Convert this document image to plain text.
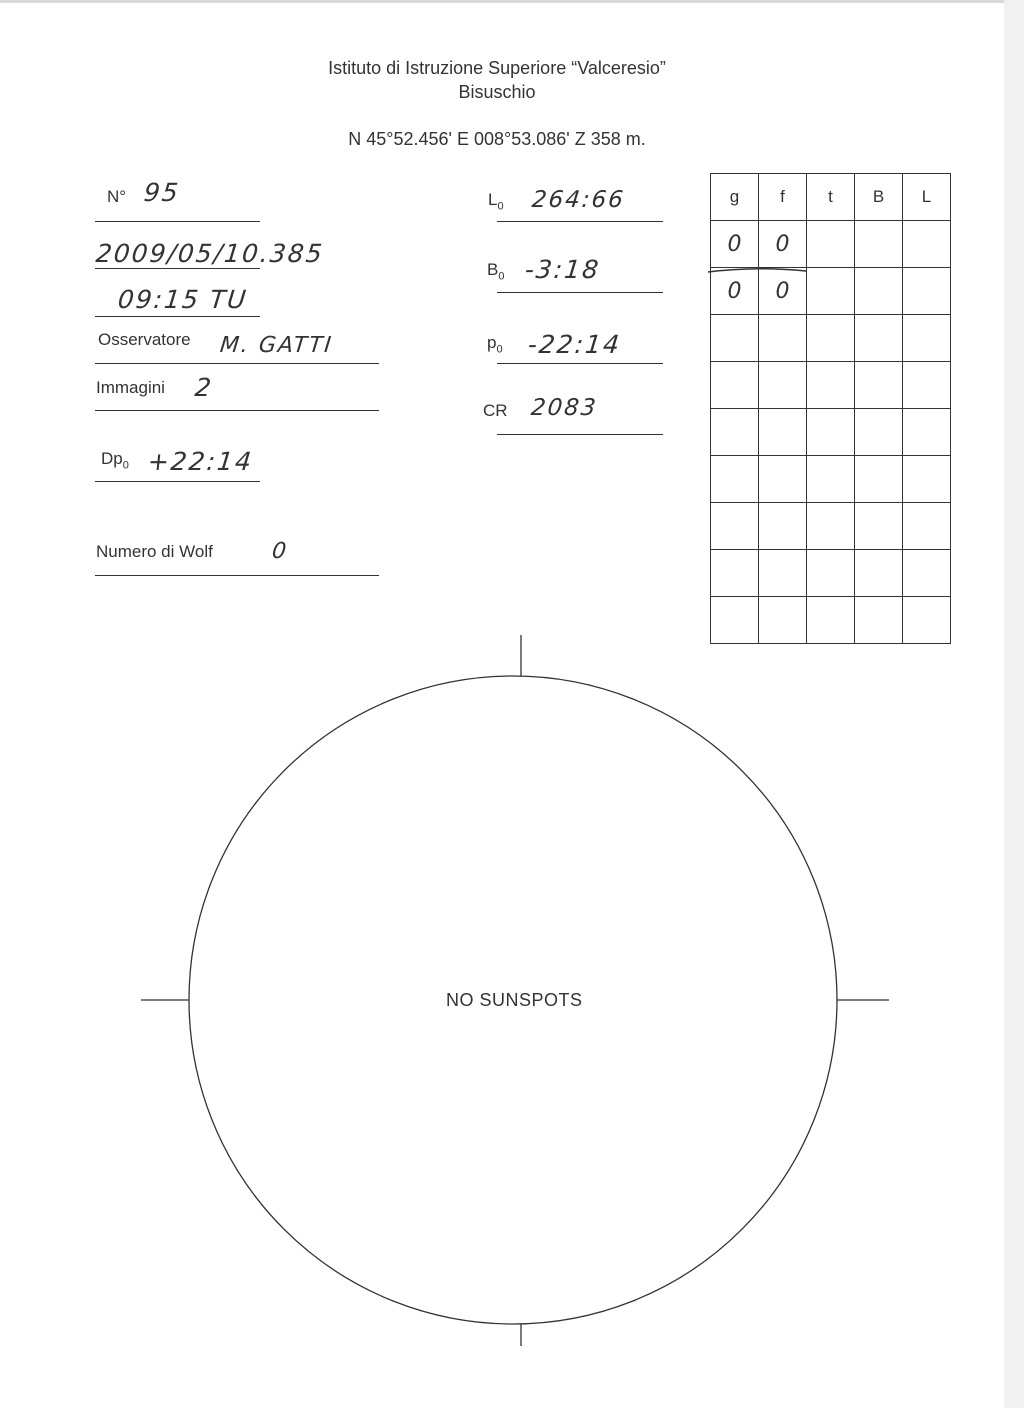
Istituto di Istruzione Superiore “Valceresio”
Bisuschio
N 45°52.456' E 008°53.086' Z 358 m.
N° 95
2009/05/10.385
09:15 TU
Osservatore M. GATTI
Immagini 2
$Dp_0$ +22:14
Numero di Wolf	0
$L_0$ 264:66
$B_0$ -3:18
$p_0$ -22:14
CR 2083
g	f	t	B	L
0	0			
0	0			

NO SUNSPOTS
